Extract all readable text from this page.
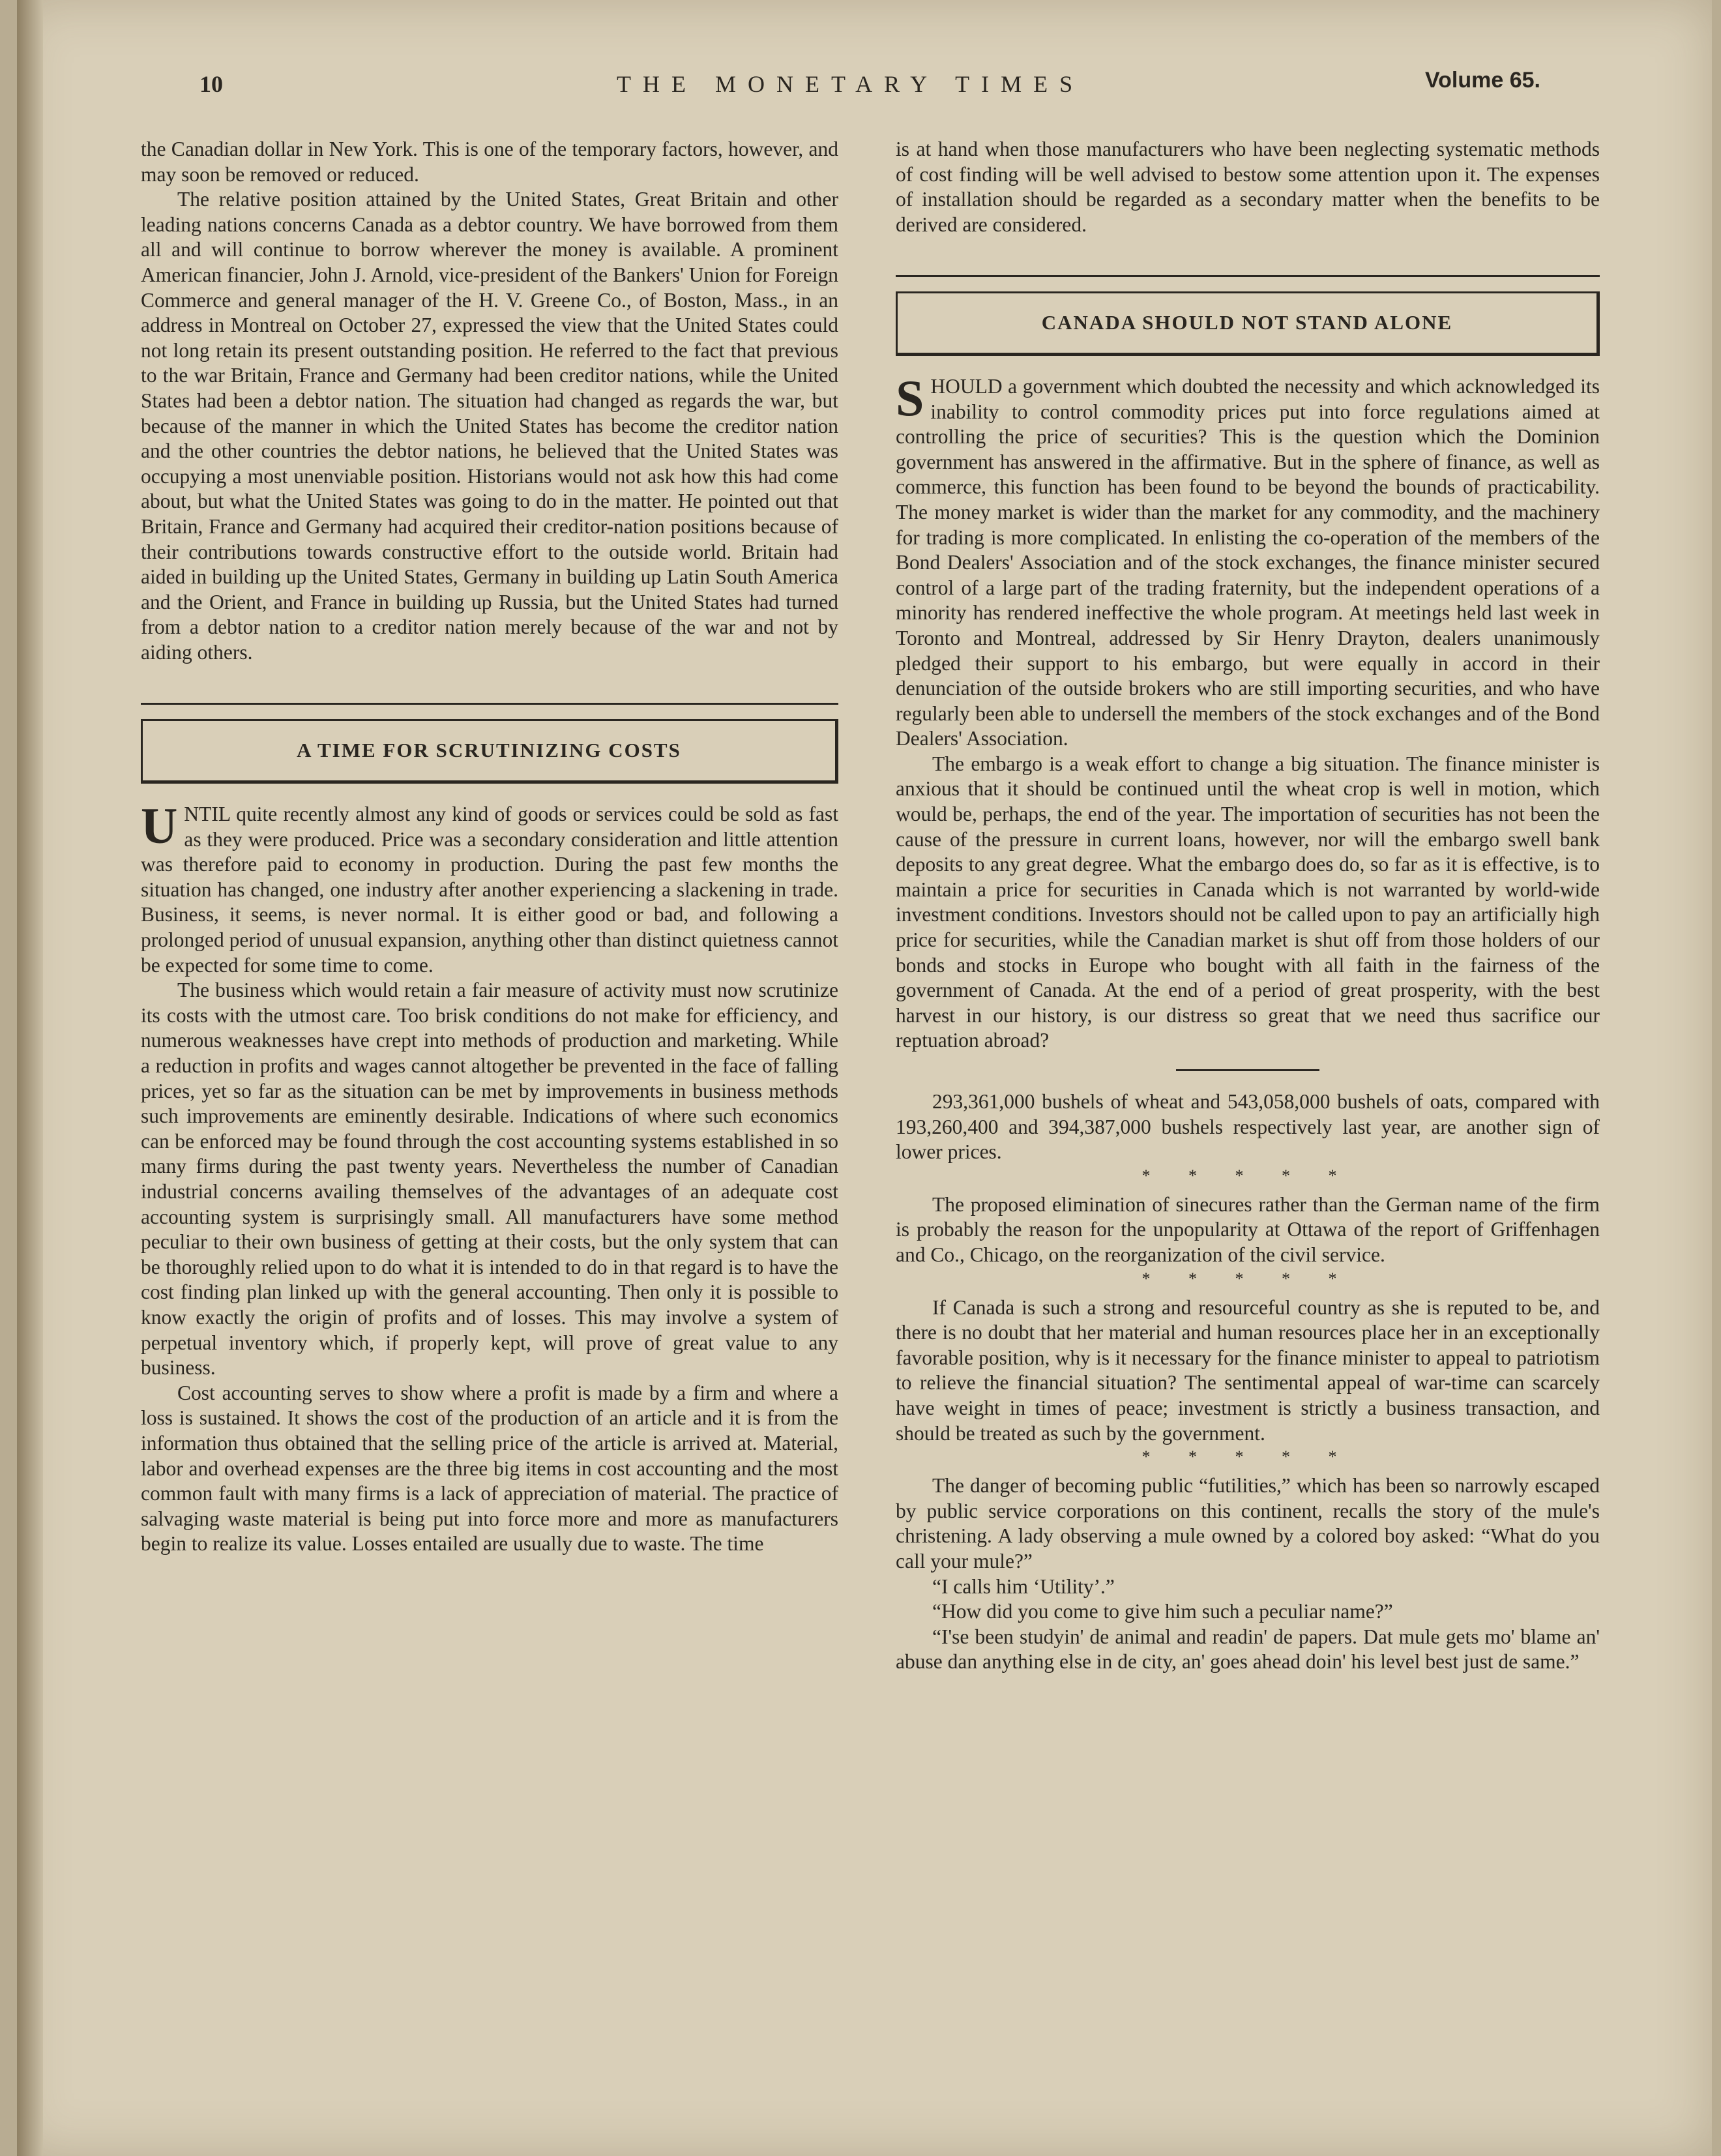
10	THE MONETARY TIMES	Volume 65.

the Canadian dollar in New York. This is one of the temporary factors, however, and may soon be removed or reduced.

The relative position attained by the United States, Great Britain and other leading nations concerns Canada as a debtor country. We have borrowed from them all and will continue to borrow wherever the money is available. A prominent American financier, John J. Arnold, vice-president of the Bankers' Union for Foreign Commerce and general manager of the H. V. Greene Co., of Boston, Mass., in an address in Montreal on October 27, expressed the view that the United States could not long retain its present outstanding position. He referred to the fact that previous to the war Britain, France and Germany had been creditor nations, while the United States had been a debtor nation. The situation had changed as regards the war, but because of the manner in which the United States has become the creditor nation and the other countries the debtor nations, he believed that the United States was occupying a most unenviable position. Historians would not ask how this had come about, but what the United States was going to do in the matter. He pointed out that Britain, France and Germany had acquired their creditor-nation positions because of their contributions towards constructive effort to the outside world. Britain had aided in building up the United States, Germany in building up Latin South America and the Orient, and France in building up Russia, but the United States had turned from a debtor nation to a creditor nation merely because of the war and not by aiding others.

A TIME FOR SCRUTINIZING COSTS

UNTIL quite recently almost any kind of goods or services could be sold as fast as they were produced. Price was a secondary consideration and little attention was therefore paid to economy in production. During the past few months the situation has changed, one industry after another experiencing a slackening in trade. Business, it seems, is never normal. It is either good or bad, and following a prolonged period of unusual expansion, anything other than distinct quietness cannot be expected for some time to come.

The business which would retain a fair measure of activity must now scrutinize its costs with the utmost care. Too brisk conditions do not make for efficiency, and numerous weaknesses have crept into methods of production and marketing. While a reduction in profits and wages cannot altogether be prevented in the face of falling prices, yet so far as the situation can be met by improvements in business methods such improvements are eminently desirable. Indications of where such economics can be enforced may be found through the cost accounting systems established in so many firms during the past twenty years. Nevertheless the number of Canadian industrial concerns availing themselves of the advantages of an adequate cost accounting system is surprisingly small. All manufacturers have some method peculiar to their own business of getting at their costs, but the only system that can be thoroughly relied upon to do what it is intended to do in that regard is to have the cost finding plan linked up with the general accounting. Then only it is possible to know exactly the origin of profits and of losses. This may involve a system of perpetual inventory which, if properly kept, will prove of great value to any business.

Cost accounting serves to show where a profit is made by a firm and where a loss is sustained. It shows the cost of the production of an article and it is from the information thus obtained that the selling price of the article is arrived at. Material, labor and overhead expenses are the three big items in cost accounting and the most common fault with many firms is a lack of appreciation of material. The practice of salvaging waste material is being put into force more and more as manufacturers begin to realize its value. Losses entailed are usually due to waste. The time

is at hand when those manufacturers who have been neglecting systematic methods of cost finding will be well advised to bestow some attention upon it. The expenses of installation should be regarded as a secondary matter when the benefits to be derived are considered.

CANADA SHOULD NOT STAND ALONE

SHOULD a government which doubted the necessity and which acknowledged its inability to control commodity prices put into force regulations aimed at controlling the price of securities? This is the question which the Dominion government has answered in the affirmative. But in the sphere of finance, as well as commerce, this function has been found to be beyond the bounds of practicability. The money market is wider than the market for any commodity, and the machinery for trading is more complicated. In enlisting the co-operation of the members of the Bond Dealers' Association and of the stock exchanges, the finance minister secured control of a large part of the trading fraternity, but the independent operations of a minority has rendered ineffective the whole program. At meetings held last week in Toronto and Montreal, addressed by Sir Henry Drayton, dealers unanimously pledged their support to his embargo, but were equally in accord in their denunciation of the outside brokers who are still importing securities, and who have regularly been able to undersell the members of the stock exchanges and of the Bond Dealers' Association.

The embargo is a weak effort to change a big situation. The finance minister is anxious that it should be continued until the wheat crop is well in motion, which would be, perhaps, the end of the year. The importation of securities has not been the cause of the pressure in current loans, however, nor will the embargo swell bank deposits to any great degree. What the embargo does do, so far as it is effective, is to maintain a price for securities in Canada which is not warranted by world-wide investment conditions. Investors should not be called upon to pay an artificially high price for securities, while the Canadian market is shut off from those holders of our bonds and stocks in Europe who bought with all faith in the fairness of the government of Canada. At the end of a period of great prosperity, with the best harvest in our history, is our distress so great that we need thus sacrifice our reptuation abroad?

293,361,000 bushels of wheat and 543,058,000 bushels of oats, compared with 193,260,400 and 394,387,000 bushels respectively last year, are another sign of lower prices.

* * * * *

The proposed elimination of sinecures rather than the German name of the firm is probably the reason for the unpopularity at Ottawa of the report of Griffenhagen and Co., Chicago, on the reorganization of the civil service.

* * * * *

If Canada is such a strong and resourceful country as she is reputed to be, and there is no doubt that her material and human resources place her in an exceptionally favorable position, why is it necessary for the finance minister to appeal to patriotism to relieve the financial situation? The sentimental appeal of war-time can scarcely have weight in times of peace; investment is strictly a business transaction, and should be treated as such by the government.

* * * * *

The danger of becoming public “futilities,” which has been so narrowly escaped by public service corporations on this continent, recalls the story of the mule's christening. A lady observing a mule owned by a colored boy asked: “What do you call your mule?”

“I calls him ‘Utility’.”

“How did you come to give him such a peculiar name?”

“I'se been studyin' de animal and readin' de papers. Dat mule gets mo' blame an' abuse dan anything else in de city, an' goes ahead doin' his level best just de same.”
